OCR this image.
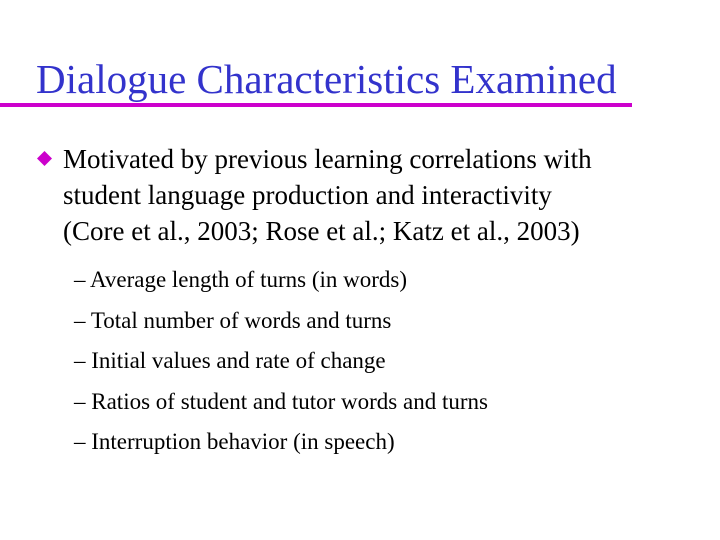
Dialogue Characteristics Examined
Motivated by previous learning correlations with
student language production and interactivity
(Core et al., 2003; Rose et al.; Katz et al., 2003)
– Average length of turns (in words)
– Total number of words and turns
– Initial values and rate of change
– Ratios of student and tutor words and turns
– Interruption behavior (in speech)
